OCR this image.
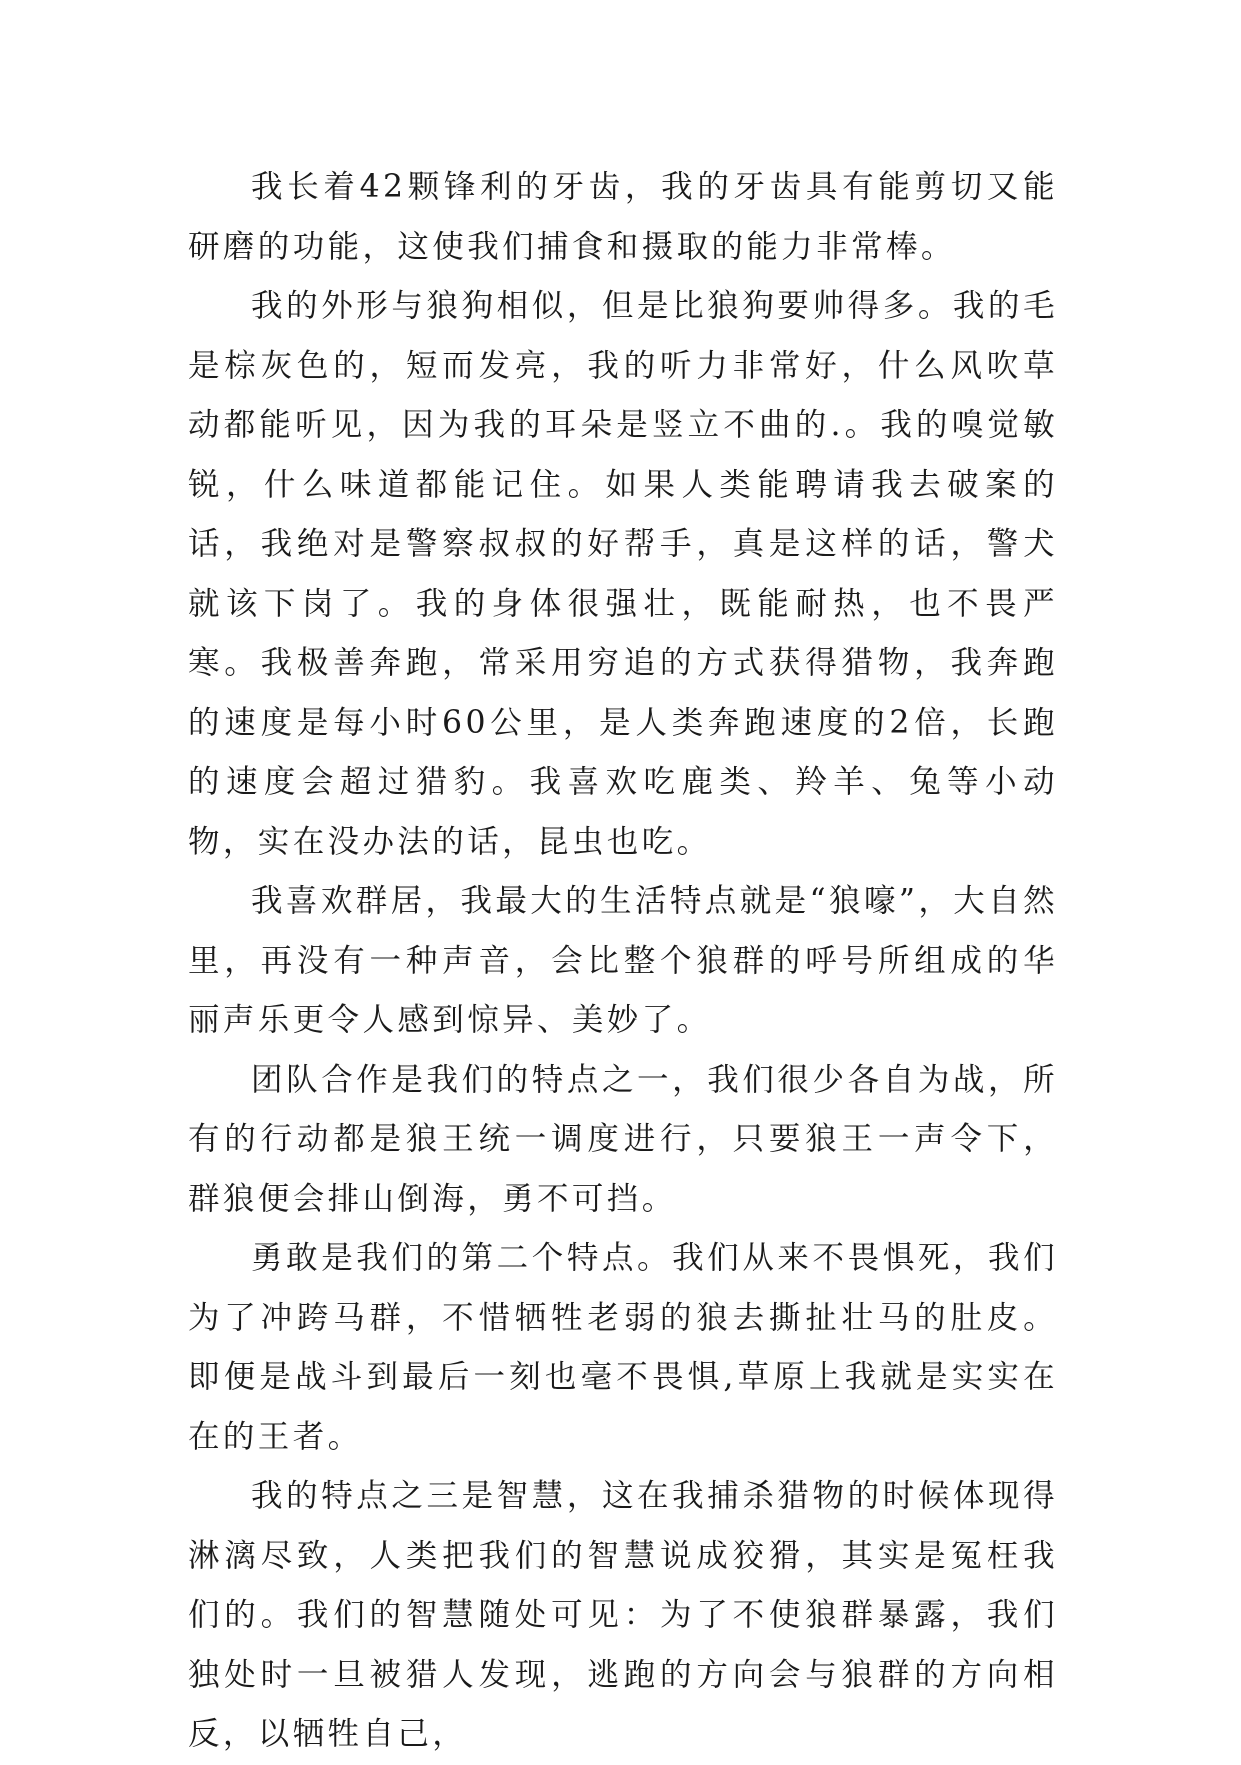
我长着42颗锋利的牙齿，我的牙齿具有能剪切又能研磨的功能，这使我们捕食和摄取的能力非常棒。

我的外形与狼狗相似，但是比狼狗要帅得多。我的毛是棕灰色的，短而发亮，我的听力非常好，什么风吹草动都能听见，因为我的耳朵是竖立不曲的.。我的嗅觉敏锐，什么味道都能记住。如果人类能聘请我去破案的话，我绝对是警察叔叔的好帮手，真是这样的话，警犬就该下岗了。我的身体很强壮，既能耐热，也不畏严寒。我极善奔跑，常采用穷追的方式获得猎物，我奔跑的速度是每小时60公里，是人类奔跑速度的2倍，长跑的速度会超过猎豹。我喜欢吃鹿类、羚羊、兔等小动物，实在没办法的话，昆虫也吃。

我喜欢群居，我最大的生活特点就是“狼嚎”，大自然里，再没有一种声音，会比整个狼群的呼号所组成的华丽声乐更令人感到惊异、美妙了。

团队合作是我们的特点之一，我们很少各自为战，所有的行动都是狼王统一调度进行，只要狼王一声令下，群狼便会排山倒海，勇不可挡。

勇敢是我们的第二个特点。我们从来不畏惧死，我们为了冲跨马群，不惜牺牲老弱的狼去撕扯壮马的肚皮。即便是战斗到最后一刻也毫不畏惧,草原上我就是实实在在的王者。

我的特点之三是智慧，这在我捕杀猎物的时候体现得淋漓尽致，人类把我们的智慧说成狡猾，其实是冤枉我们的。我们的智慧随处可见：为了不使狼群暴露，我们独处时一旦被猎人发现，逃跑的方向会与狼群的方向相反，以牺牲自己，
